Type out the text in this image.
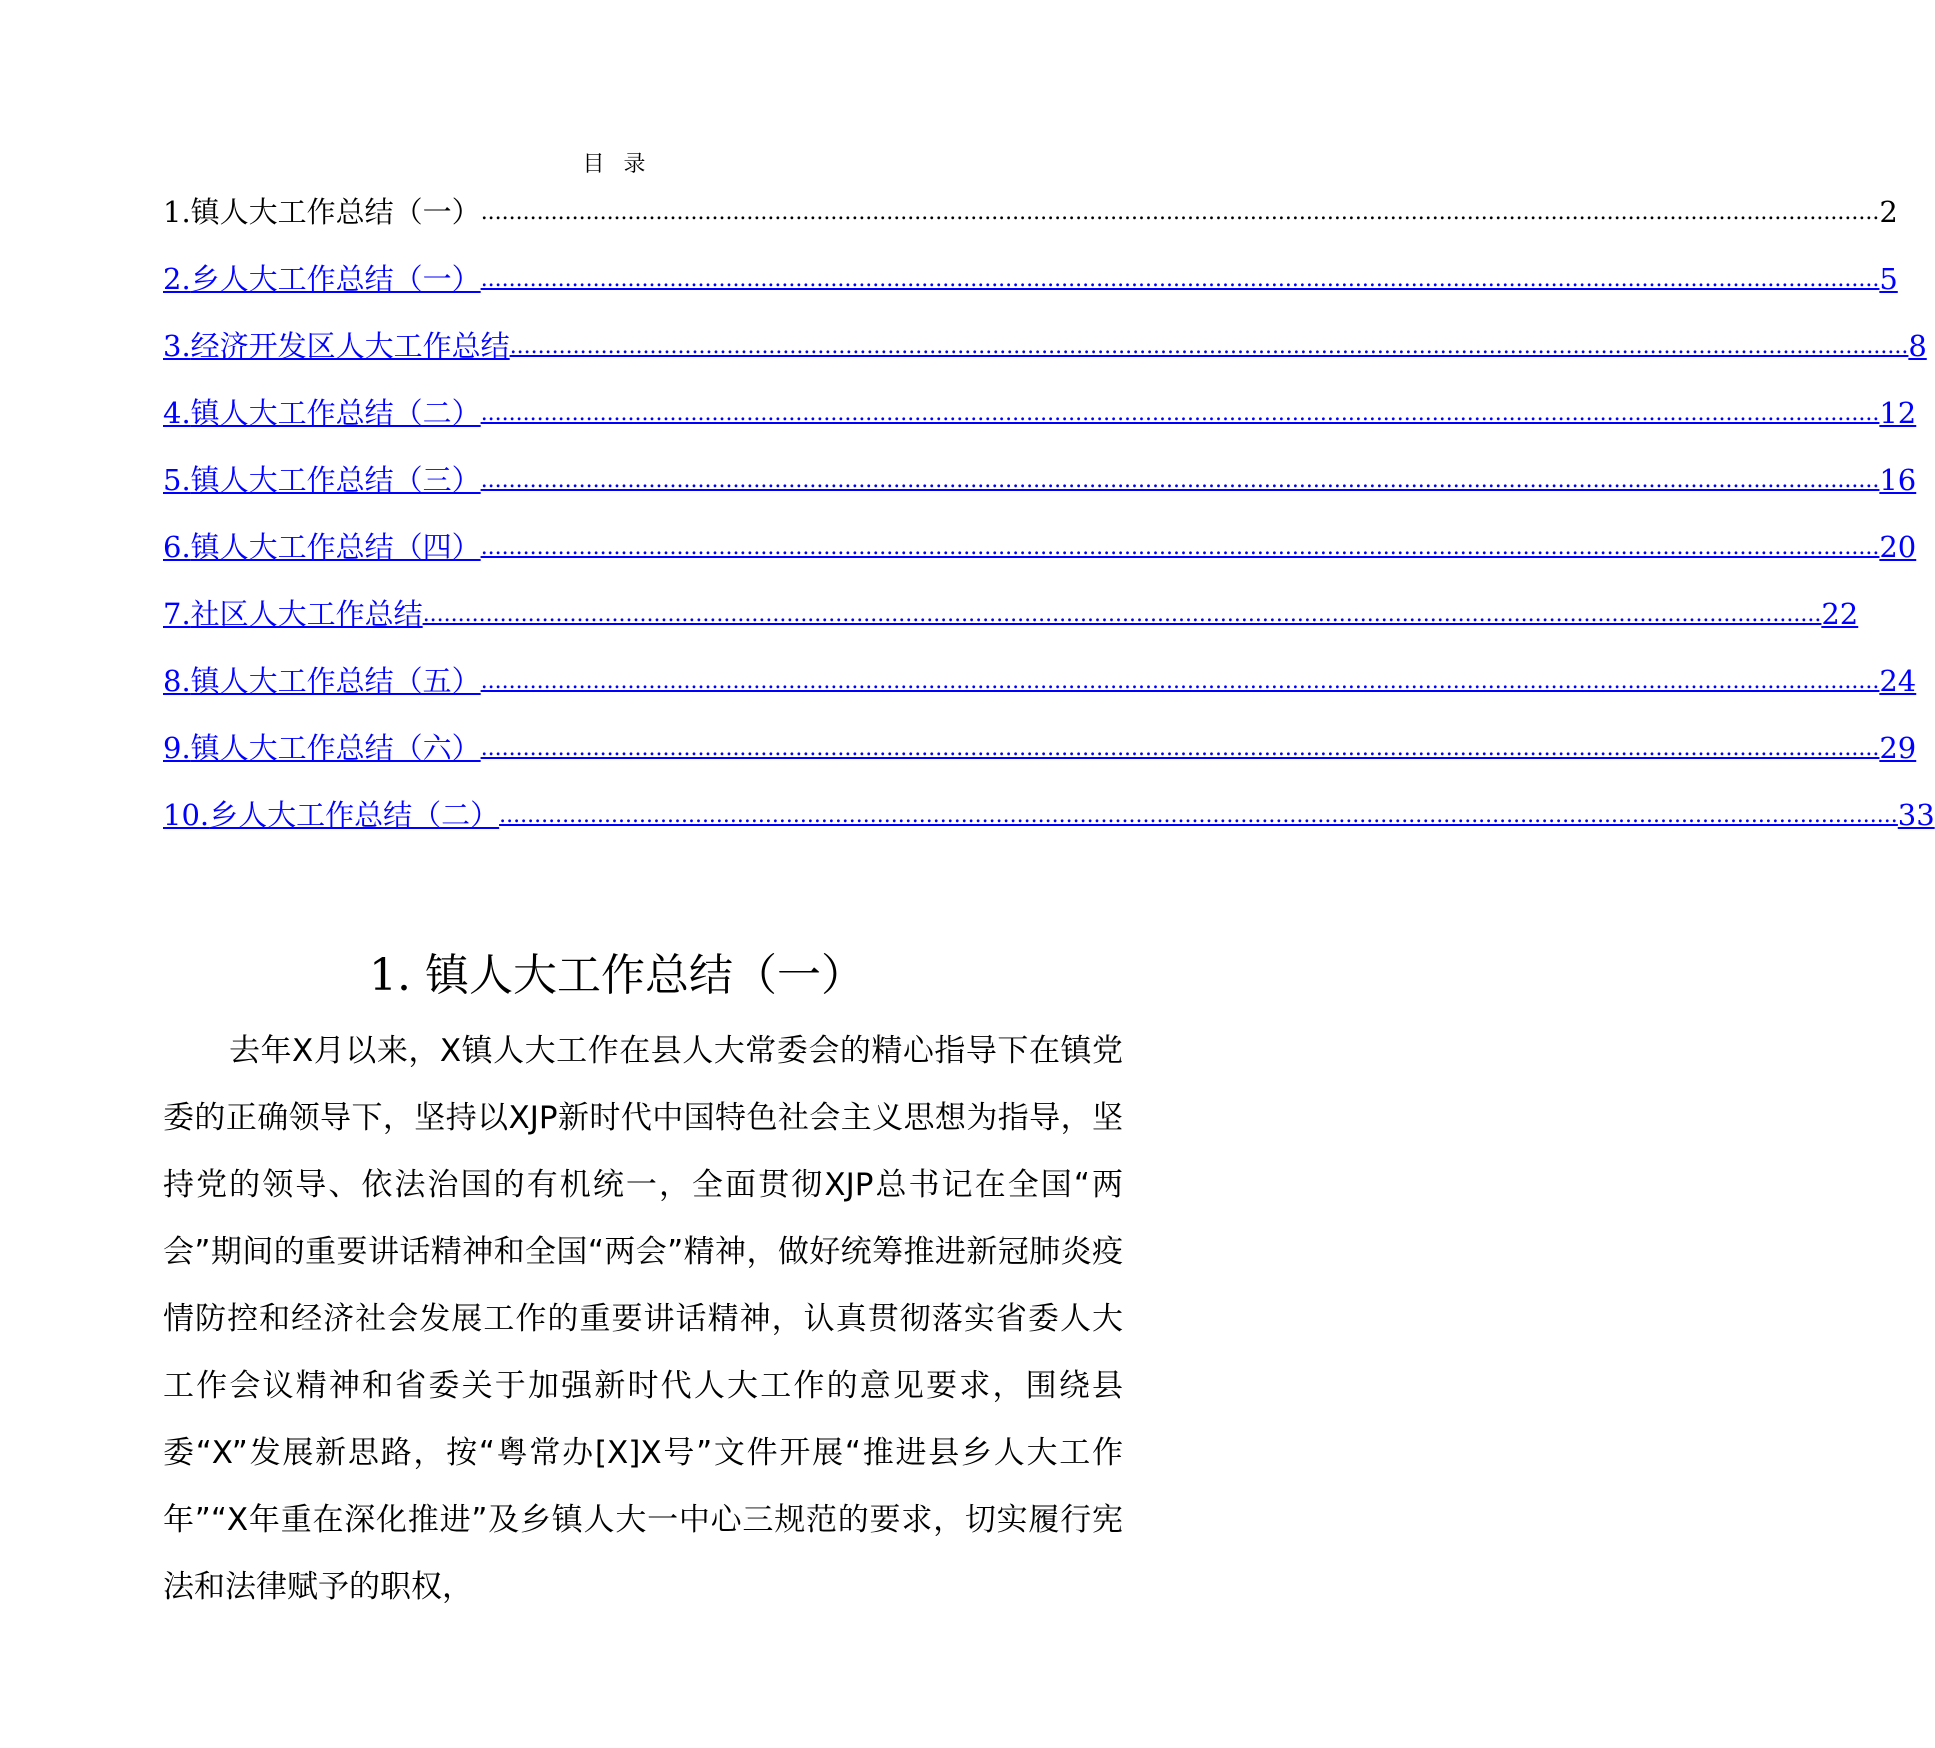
目 录
1. 镇人大工作总结（一） ........................................................................................................................................................................................................ 2
2. 乡人大工作总结（一） ........................................................................................................................................................................................................ 5
3. 经济开发区人大工作总结 ........................................................................................................................................................................................................ 8
4. 镇人大工作总结（二） ........................................................................................................................................................................................................ 12
5. 镇人大工作总结（三） ........................................................................................................................................................................................................ 16
6. 镇人大工作总结（四） ........................................................................................................................................................................................................ 20
7. 社区人大工作总结 ........................................................................................................................................................................................................ 22
8. 镇人大工作总结（五） ........................................................................................................................................................................................................ 24
9. 镇人大工作总结（六） ........................................................................................................................................................................................................ 29
10. 乡人大工作总结（二） ........................................................................................................................................................................................................ 33
1. 镇人大工作总结（一）

去年X月以来，X镇人大工作在县人大常委会的精心指导下在镇党委的正确领导下，坚持以XJP新时代中国特色社会主义思想为指导，坚持党的领导、依法治国的有机统一，全面贯彻XJP总书记在全国“两会”期间的重要讲话精神和全国“两会”精神，做好统筹推进新冠肺炎疫情防控和经济社会发展工作的重要讲话精神，认真贯彻落实省委人大工作会议精神和省委关于加强新时代人大工作的意见要求，围绕县委“X”发展新思路，按“粤常办[X]X号”文件开展“推进县乡人大工作年”“X年重在深化推进”及乡镇人大一中心三规范的要求，切实履行宪法和法律赋予的职权，
